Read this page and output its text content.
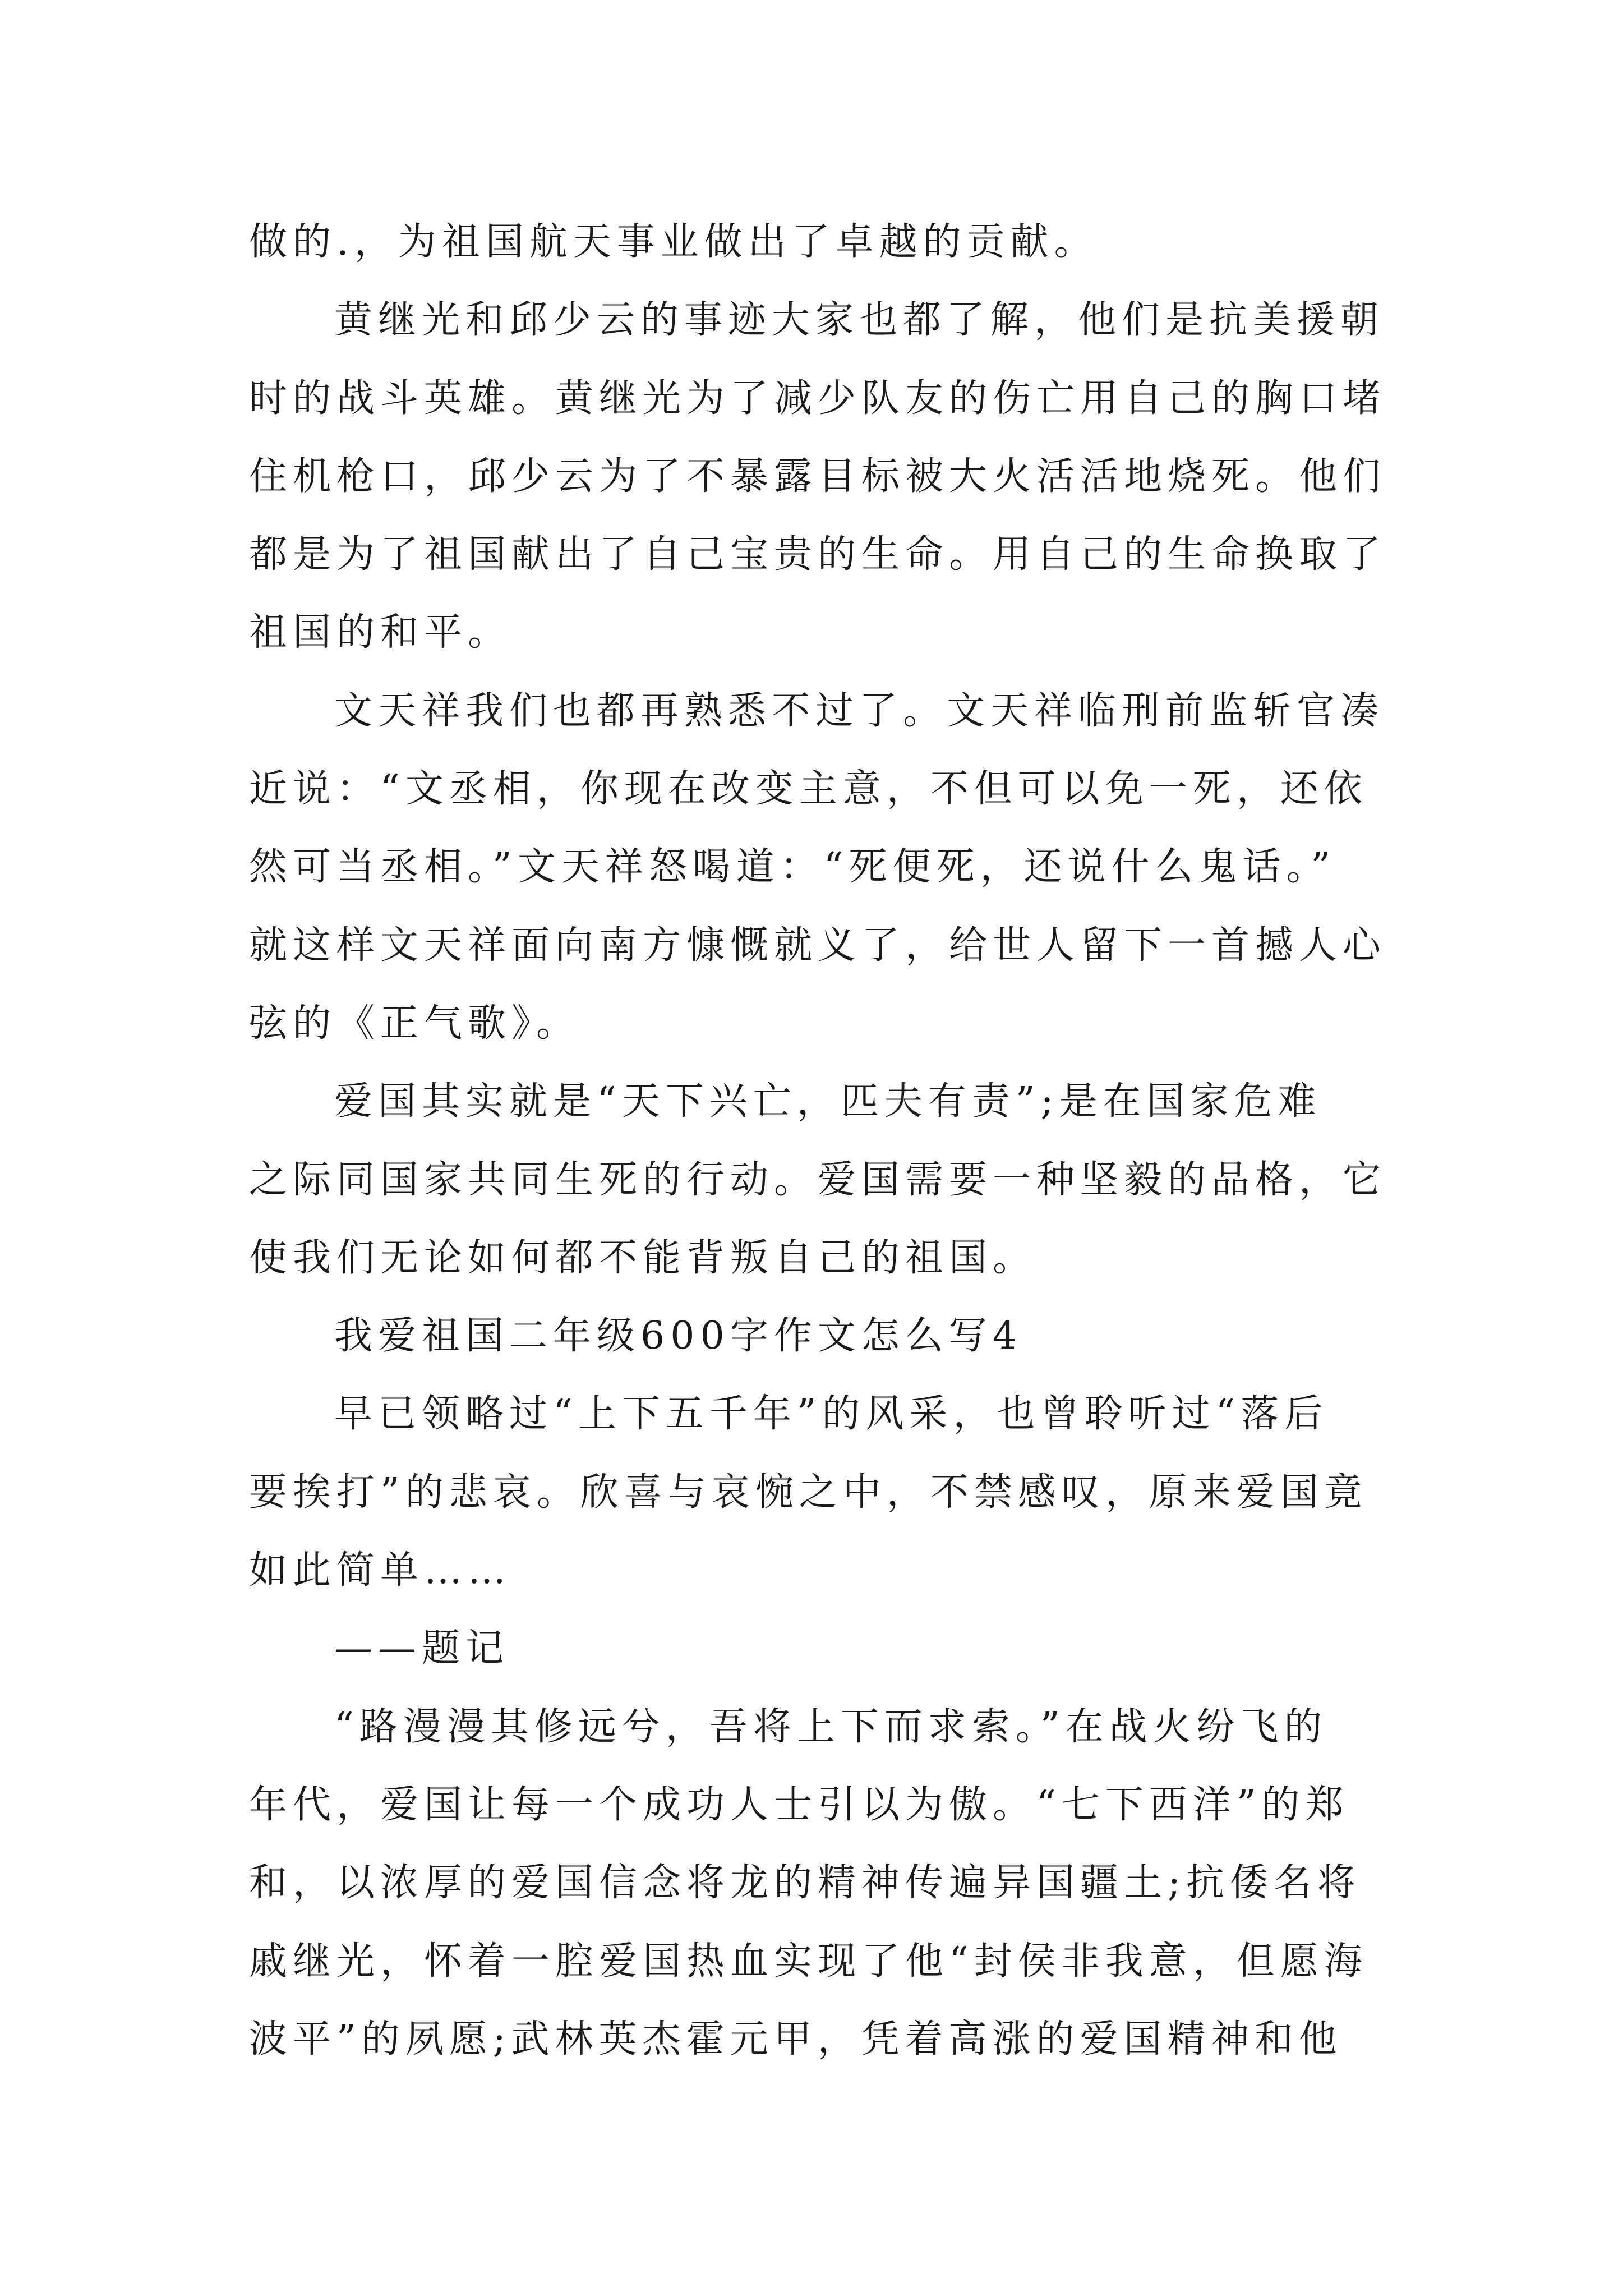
做的.，为祖国航天事业做出了卓越的贡献。
黄继光和邱少云的事迹大家也都了解，他们是抗美援朝
时的战斗英雄。黄继光为了减少队友的伤亡用自己的胸口堵
住机枪口，邱少云为了不暴露目标被大火活活地烧死。他们
都是为了祖国献出了自己宝贵的生命。用自己的生命换取了
祖国的和平。
文天祥我们也都再熟悉不过了。文天祥临刑前监斩官凑
近说：“文丞相，你现在改变主意，不但可以免一死，还依
然可当丞相。”文天祥怒喝道：“死便死，还说什么鬼话。”
就这样文天祥面向南方慷慨就义了，给世人留下一首撼人心
弦的《正气歌》。
爱国其实就是“天下兴亡，匹夫有责”;是在国家危难
之际同国家共同生死的行动。爱国需要一种坚毅的品格，它
使我们无论如何都不能背叛自己的祖国。
我爱祖国二年级600字作文怎么写4
早已领略过“上下五千年”的风采，也曾聆听过“落后
要挨打”的悲哀。欣喜与哀惋之中，不禁感叹，原来爱国竟
如此简单……
——题记
“路漫漫其修远兮，吾将上下而求索。”在战火纷飞的
年代，爱国让每一个成功人士引以为傲。“七下西洋”的郑
和，以浓厚的爱国信念将龙的精神传遍异国疆土;抗倭名将
戚继光，怀着一腔爱国热血实现了他“封侯非我意，但愿海
波平”的夙愿;武林英杰霍元甲，凭着高涨的爱国精神和他
